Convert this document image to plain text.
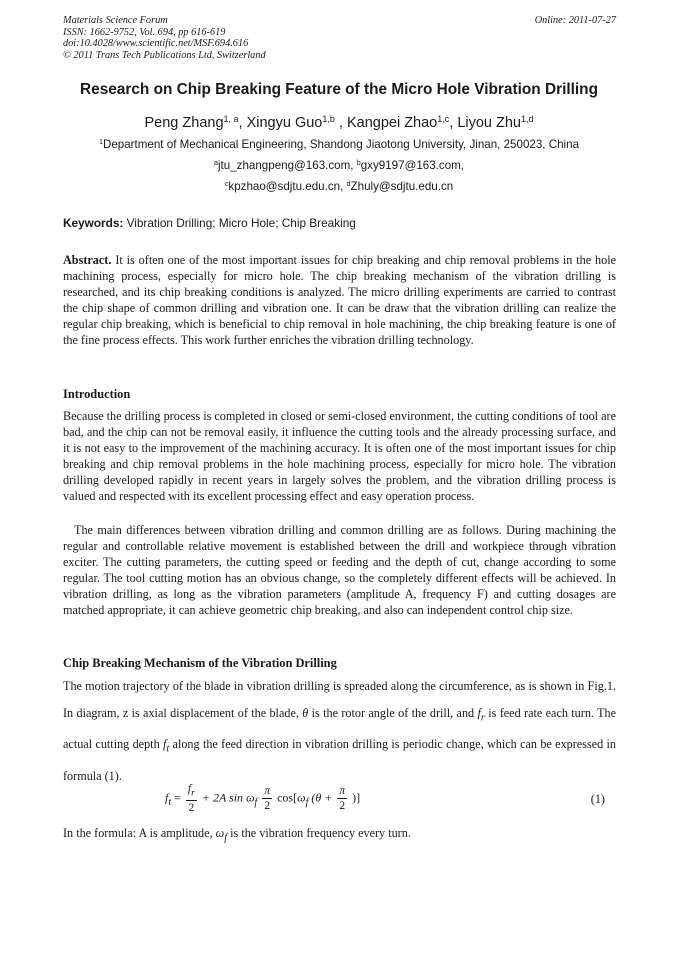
Materials Science Forum
ISSN: 1662-9752, Vol. 694, pp 616-619
doi:10.4028/www.scientific.net/MSF.694.616
© 2011 Trans Tech Publications Ltd, Switzerland
Online: 2011-07-27
Research on Chip Breaking Feature of the Micro Hole Vibration Drilling
Peng Zhang$^{1, a}$, Xingyu Guo$^{1,b}$ , Kangpei Zhao$^{1,c}$, Liyou Zhu$^{1,d}$
$^1$Department of Mechanical Engineering, Shandong Jiaotong University, Jinan, 250023, China
$^a$jtu_zhangpeng@163.com, $^b$gxy9197@163.com,
$^c$kpzhao@sdjtu.edu.cn, $^d$Zhuly@sdjtu.edu.cn
Keywords: Vibration Drilling; Micro Hole; Chip Breaking

Abstract. It is often one of the most important issues for chip breaking and chip removal problems in the hole machining process, especially for micro hole. The chip breaking mechanism of the vibration drilling is researched, and its chip breaking conditions is analyzed. The micro drilling experiments are carried to contrast the chip shape of common drilling and vibration one. It can be draw that the vibration drilling can realize the regular chip breaking, which is beneficial to chip removal in hole machining, the chip breaking feature is one of the fine process effects. This work further enriches the vibration drilling technology.

Introduction

Because the drilling process is completed in closed or semi-closed environment, the cutting conditions of tool are bad, and the chip can not be removal easily, it influence the cutting tools and the already processing surface, and it is not easy to the improvement of the machining accuracy. It is often one of the most important issues for chip breaking and chip removal problems in the hole machining process, especially for micro hole. The vibration drilling developed rapidly in recent years in largely solves the problem, and the vibration drilling process is valued and respected with its excellent processing effect and easy operation process.

The main differences between vibration drilling and common drilling are as follows. During machining the regular and controllable relative movement is established between the drill and workpiece through vibration exciter. The cutting parameters, the cutting speed or feeding and the depth of cut, change according to some regular. The tool cutting motion has an obvious change, so the completely different effects will be achieved. In vibration drilling, as long as the vibration parameters (amplitude A, frequency F) and cutting dosages are matched appropriate, it can achieve geometric chip breaking, and also can independent control chip size.

Chip Breaking Mechanism of the Vibration Drilling

The motion trajectory of the blade in vibration drilling is spreaded along the circumference, as is shown in Fig.1. In diagram, z is axial displacement of the blade, θ is the rotor angle of the drill, and $f_r$ is feed rate each turn. The actual cutting depth $f_t$ along the feed direction in vibration drilling is periodic change, which can be expressed in formula (1).

$f_t = \frac{f_r}{2} + 2A$ $\sin \omega_f \frac{\pi}{2} \cos[\omega_f$ ($\theta + \frac{\pi}{2}$ )]	(1)
In the formula: A is amplitude, $\omega_f$ is the vibration frequency every turn.
